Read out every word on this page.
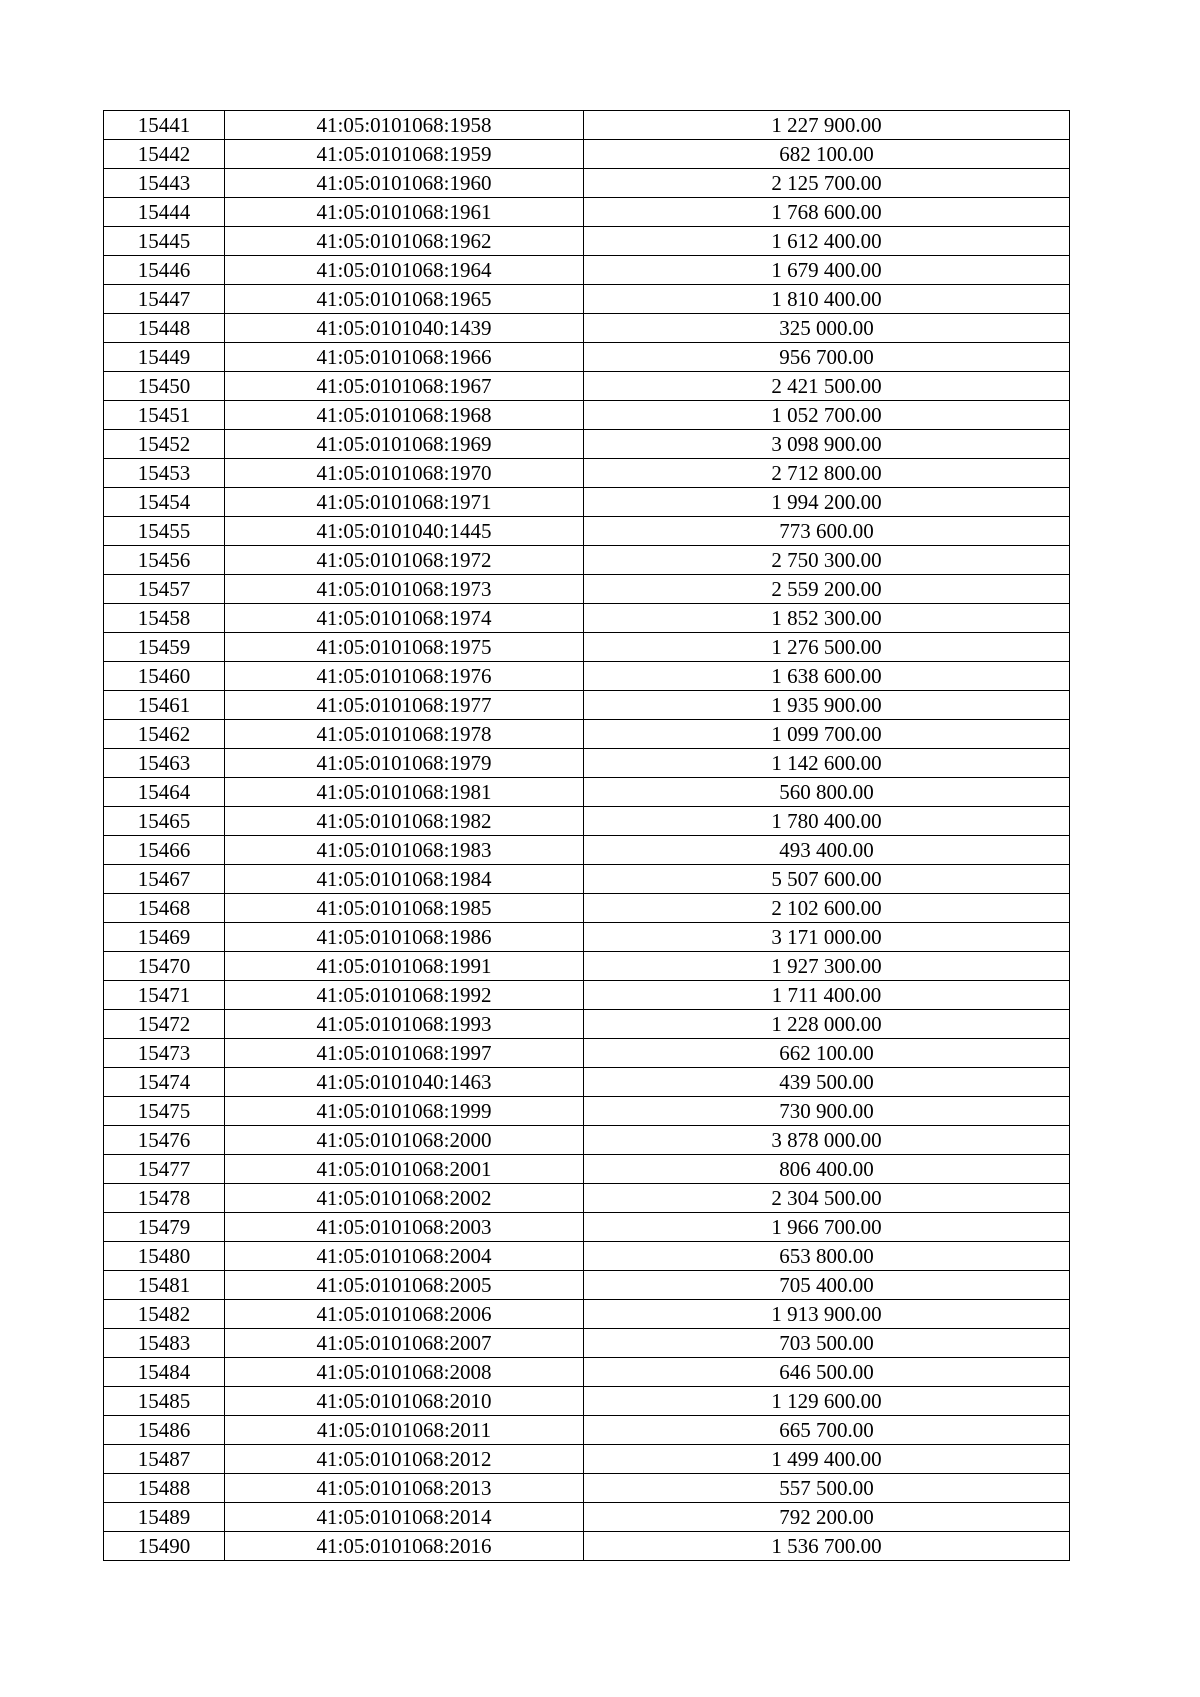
15441	41:05:0101068:1958	1 227 900.00
15442	41:05:0101068:1959	682 100.00
15443	41:05:0101068:1960	2 125 700.00
15444	41:05:0101068:1961	1 768 600.00
15445	41:05:0101068:1962	1 612 400.00
15446	41:05:0101068:1964	1 679 400.00
15447	41:05:0101068:1965	1 810 400.00
15448	41:05:0101040:1439	325 000.00
15449	41:05:0101068:1966	956 700.00
15450	41:05:0101068:1967	2 421 500.00
15451	41:05:0101068:1968	1 052 700.00
15452	41:05:0101068:1969	3 098 900.00
15453	41:05:0101068:1970	2 712 800.00
15454	41:05:0101068:1971	1 994 200.00
15455	41:05:0101040:1445	773 600.00
15456	41:05:0101068:1972	2 750 300.00
15457	41:05:0101068:1973	2 559 200.00
15458	41:05:0101068:1974	1 852 300.00
15459	41:05:0101068:1975	1 276 500.00
15460	41:05:0101068:1976	1 638 600.00
15461	41:05:0101068:1977	1 935 900.00
15462	41:05:0101068:1978	1 099 700.00
15463	41:05:0101068:1979	1 142 600.00
15464	41:05:0101068:1981	560 800.00
15465	41:05:0101068:1982	1 780 400.00
15466	41:05:0101068:1983	493 400.00
15467	41:05:0101068:1984	5 507 600.00
15468	41:05:0101068:1985	2 102 600.00
15469	41:05:0101068:1986	3 171 000.00
15470	41:05:0101068:1991	1 927 300.00
15471	41:05:0101068:1992	1 711 400.00
15472	41:05:0101068:1993	1 228 000.00
15473	41:05:0101068:1997	662 100.00
15474	41:05:0101040:1463	439 500.00
15475	41:05:0101068:1999	730 900.00
15476	41:05:0101068:2000	3 878 000.00
15477	41:05:0101068:2001	806 400.00
15478	41:05:0101068:2002	2 304 500.00
15479	41:05:0101068:2003	1 966 700.00
15480	41:05:0101068:2004	653 800.00
15481	41:05:0101068:2005	705 400.00
15482	41:05:0101068:2006	1 913 900.00
15483	41:05:0101068:2007	703 500.00
15484	41:05:0101068:2008	646 500.00
15485	41:05:0101068:2010	1 129 600.00
15486	41:05:0101068:2011	665 700.00
15487	41:05:0101068:2012	1 499 400.00
15488	41:05:0101068:2013	557 500.00
15489	41:05:0101068:2014	792 200.00
15490	41:05:0101068:2016	1 536 700.00
